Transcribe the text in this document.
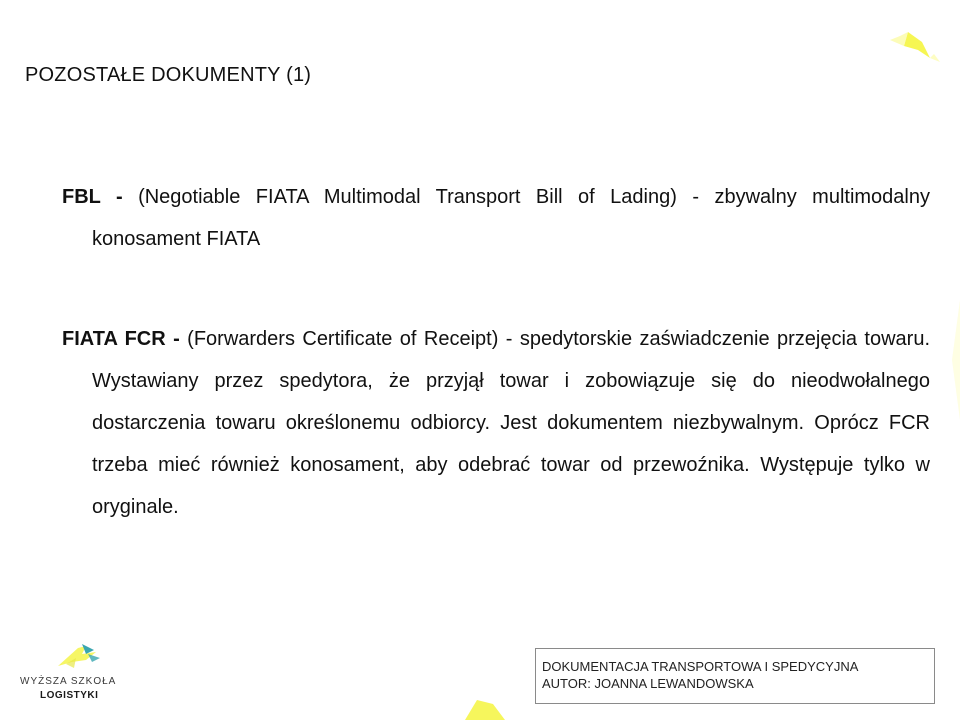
POZOSTAŁE DOKUMENTY (1)

FBL - (Negotiable FIATA Multimodal Transport Bill of Lading) - zbywalny multimodalny konosament FIATA

FIATA FCR - (Forwarders Certificate of Receipt) - spedytorskie zaświadczenie przejęcia towaru. Wystawiany przez spedytora, że przyjął towar i zobowiązuje się do nieodwołalnego dostarczenia towaru określonemu odbiorcy. Jest dokumentem niezbywalnym. Oprócz FCR trzeba mieć również konosament, aby odebrać towar od przewoźnika. Występuje tylko w oryginale.

WYŻSZA SZKOŁA
LOGISTYKI
DOKUMENTACJA TRANSPORTOWA I SPEDYCYJNA
AUTOR: JOANNA LEWANDOWSKA
